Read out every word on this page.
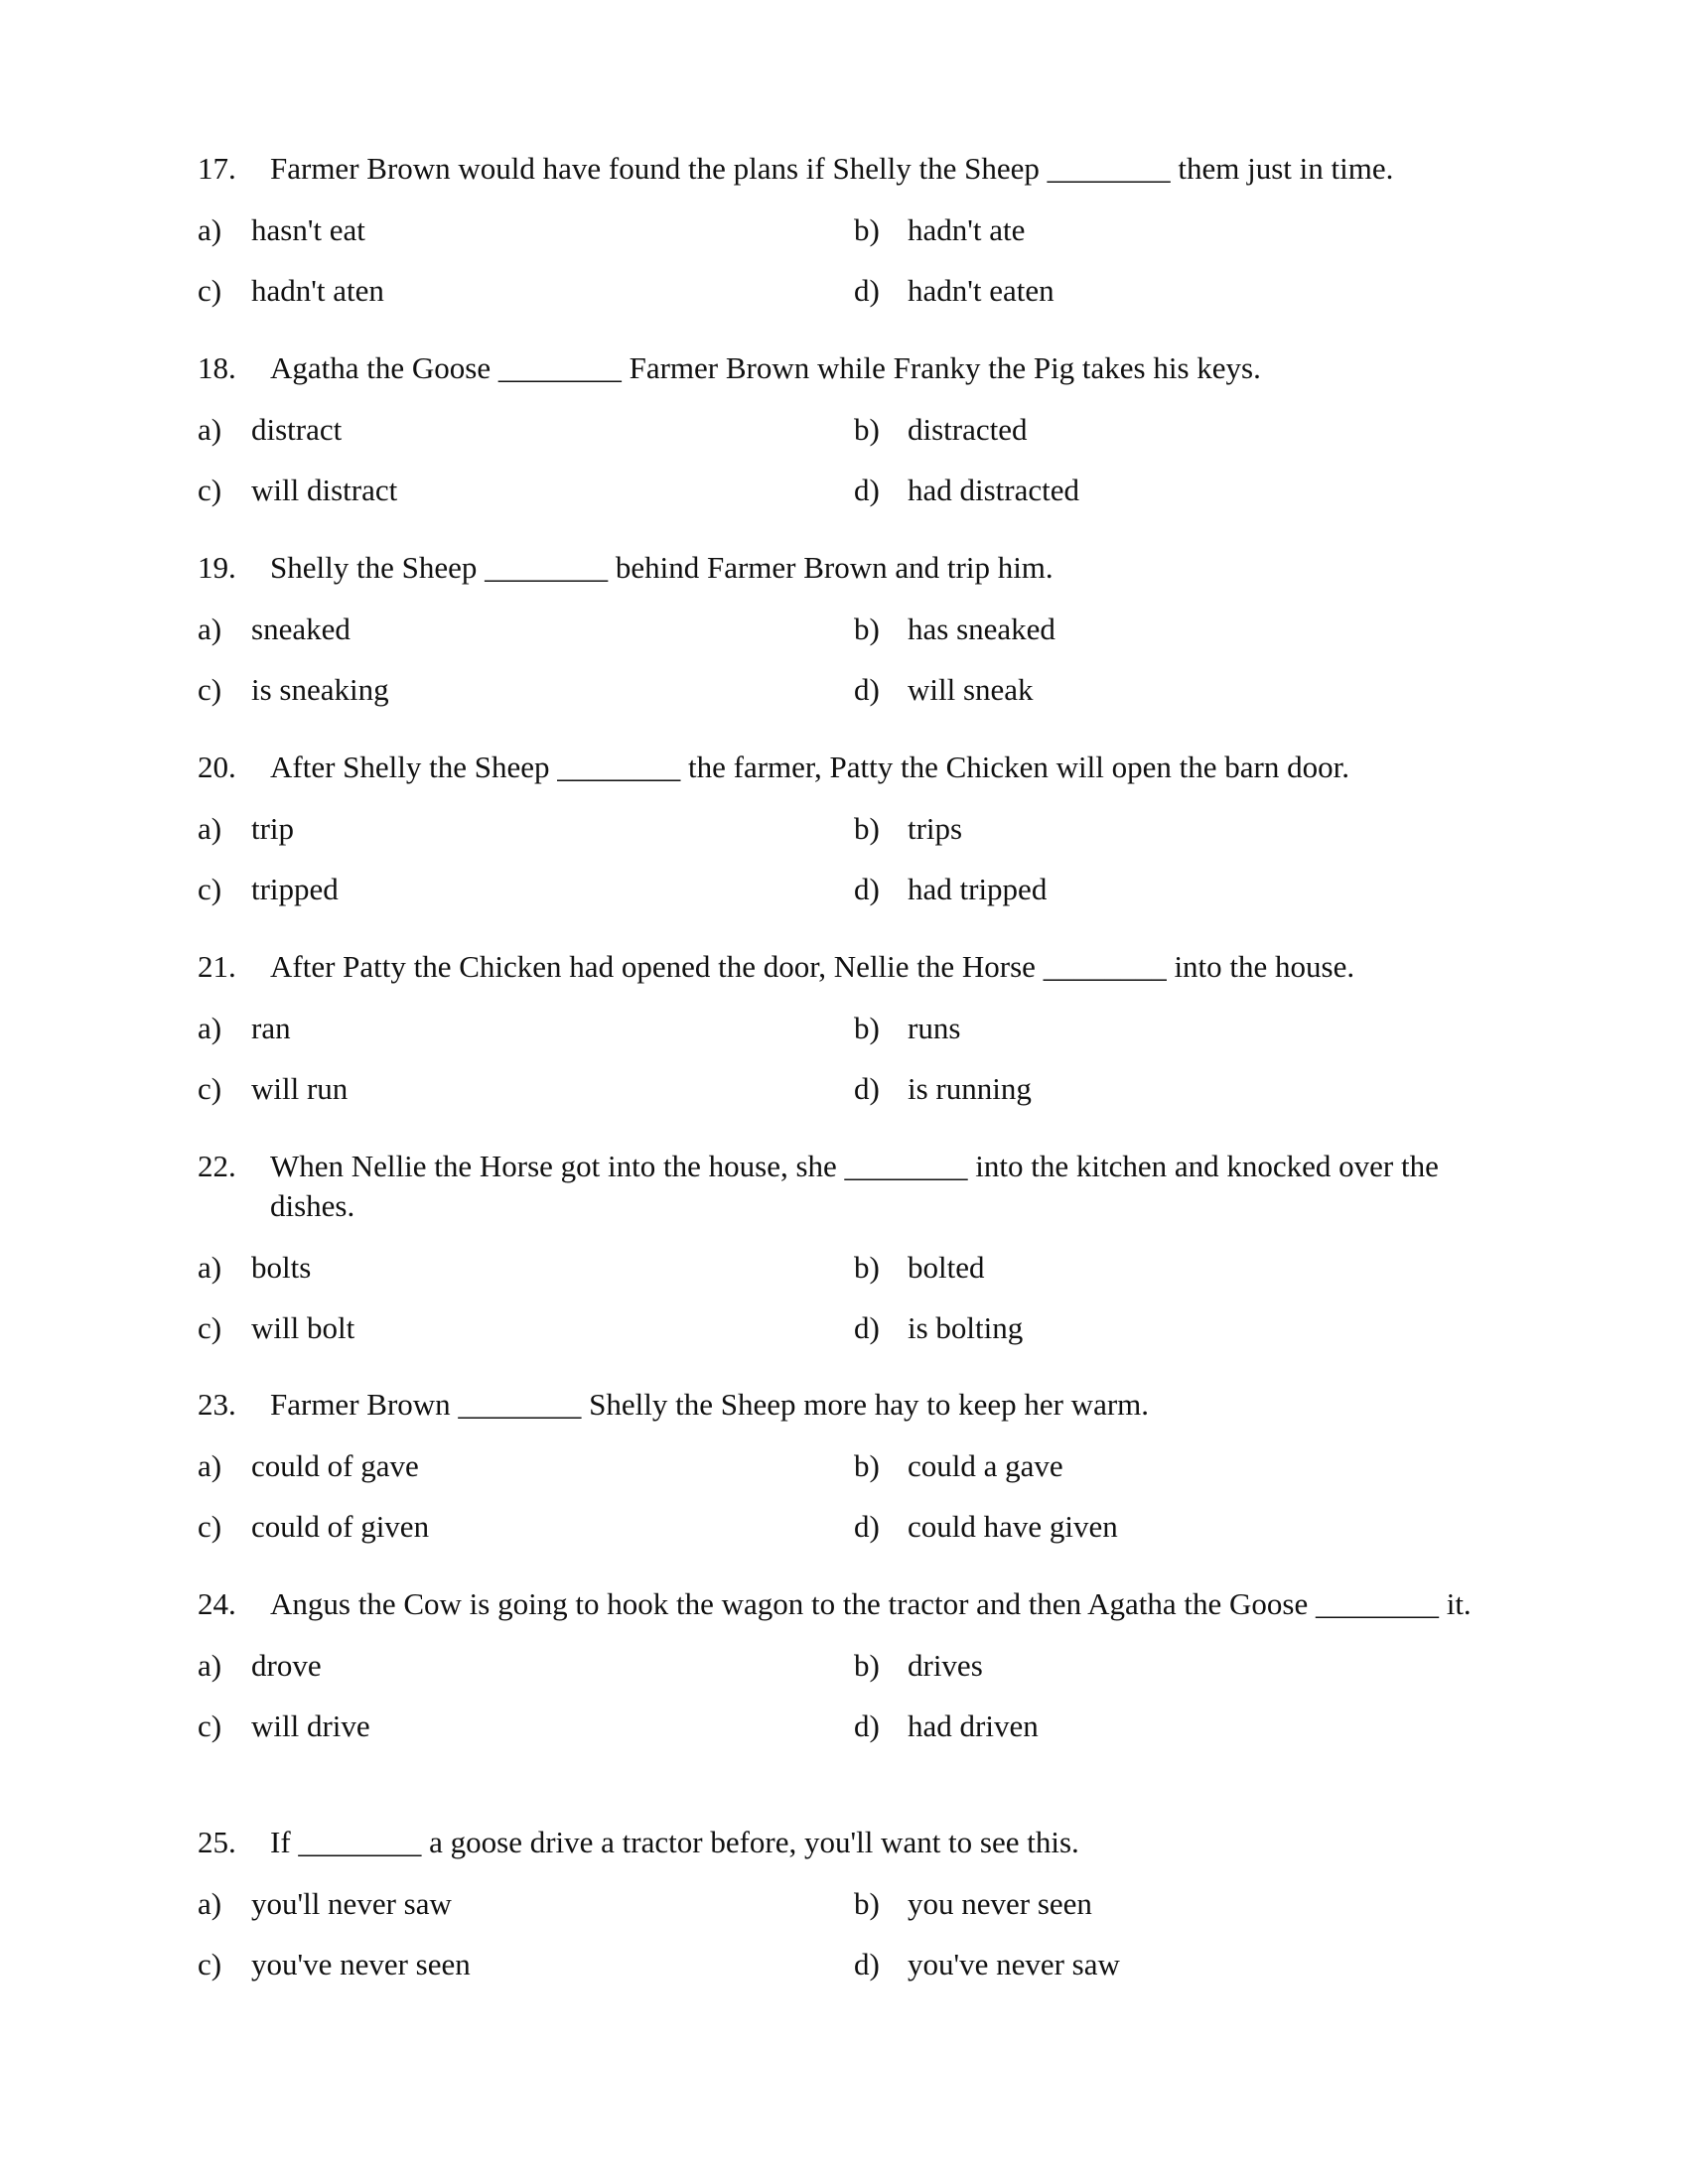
17. Farmer Brown would have found the plans if Shelly the Sheep ________ them just in time.
a) hasn't eat	b) hadn't ate
c) hadn't aten	d) hadn't eaten
18. Agatha the Goose ________ Farmer Brown while Franky the Pig takes his keys.
a) distract	b) distracted
c) will distract	d) had distracted
19. Shelly the Sheep ________ behind Farmer Brown and trip him.
a) sneaked	b) has sneaked
c) is sneaking	d) will sneak
20. After Shelly the Sheep ________ the farmer, Patty the Chicken will open the barn door.
a) trip	b) trips
c) tripped	d) had tripped
21. After Patty the Chicken had opened the door, Nellie the Horse ________ into the house.
a) ran	b) runs
c) will run	d) is running
22. When Nellie the Horse got into the house, she ________ into the kitchen and knocked over the dishes.
a) bolts	b) bolted
c) will bolt	d) is bolting
23. Farmer Brown ________ Shelly the Sheep more hay to keep her warm.
a) could of gave	b) could a gave
c) could of given	d) could have given
24. Angus the Cow is going to hook the wagon to the tractor and then Agatha the Goose ________ it.
a) drove	b) drives
c) will drive	d) had driven
25. If ________ a goose drive a tractor before, you'll want to see this.
a) you'll never saw	b) you never seen
c) you've never seen	d) you've never saw
